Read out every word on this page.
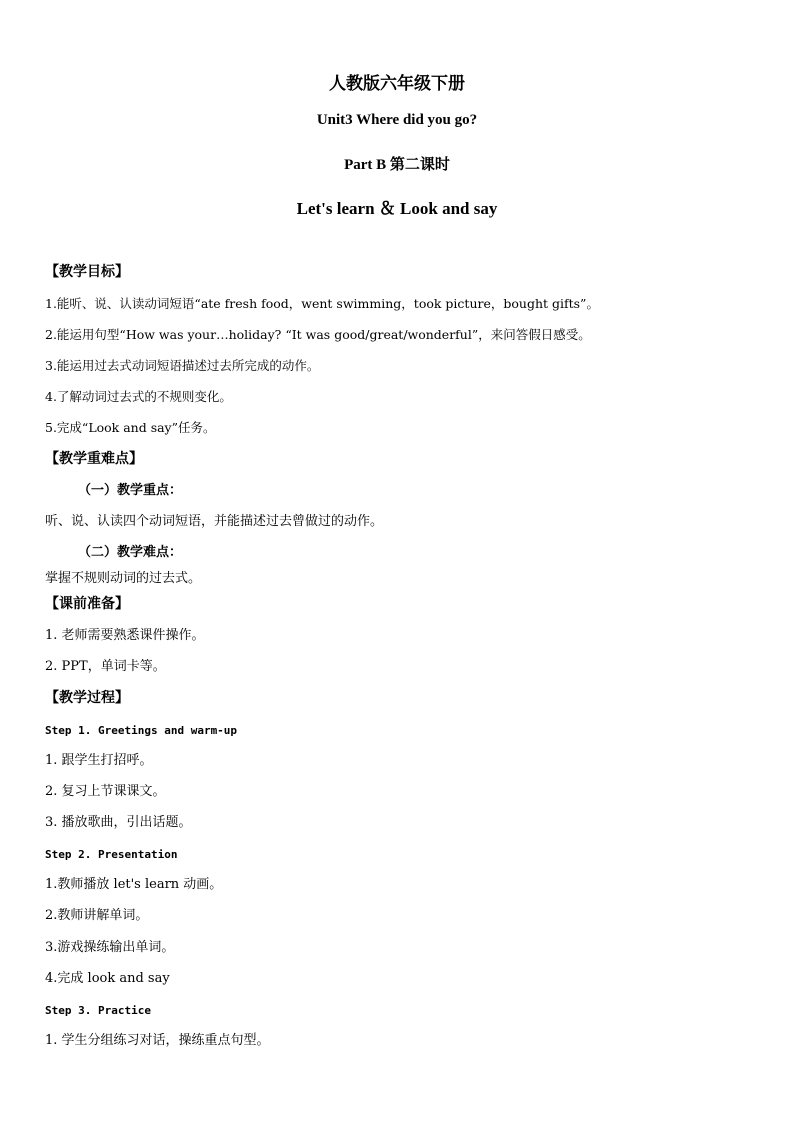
人教版六年级下册
Unit3 Where did you go?
Part B 第二课时
Let's learn ＆ Look and say
【教学目标】
1.能听、说、认读动词短语“ate fresh food，went swimming，took picture，bought gifts”。
2.能运用句型“How was your…holiday? “It was good/great/wonderful”，来问答假日感受。
3.能运用过去式动词短语描述过去所完成的动作。
4.了解动词过去式的不规则变化。
5.完成“Look and say”任务。
【教学重难点】
（一）教学重点：
听、说、认读四个动词短语，并能描述过去曾做过的动作。
（二）教学难点：
掌握不规则动词的过去式。
【课前准备】
1. 老师需要熟悉课件操作。
2. PPT，单词卡等。
【教学过程】
Step 1. Greetings and warm-up
1. 跟学生打招呼。
2. 复习上节课课文。
3. 播放歌曲，引出话题。
Step 2. Presentation
1.教师播放 let's learn 动画。
2.教师讲解单词。
3.游戏操练输出单词。
4.完成 look and say
Step 3. Practice
1. 学生分组练习对话，操练重点句型。
